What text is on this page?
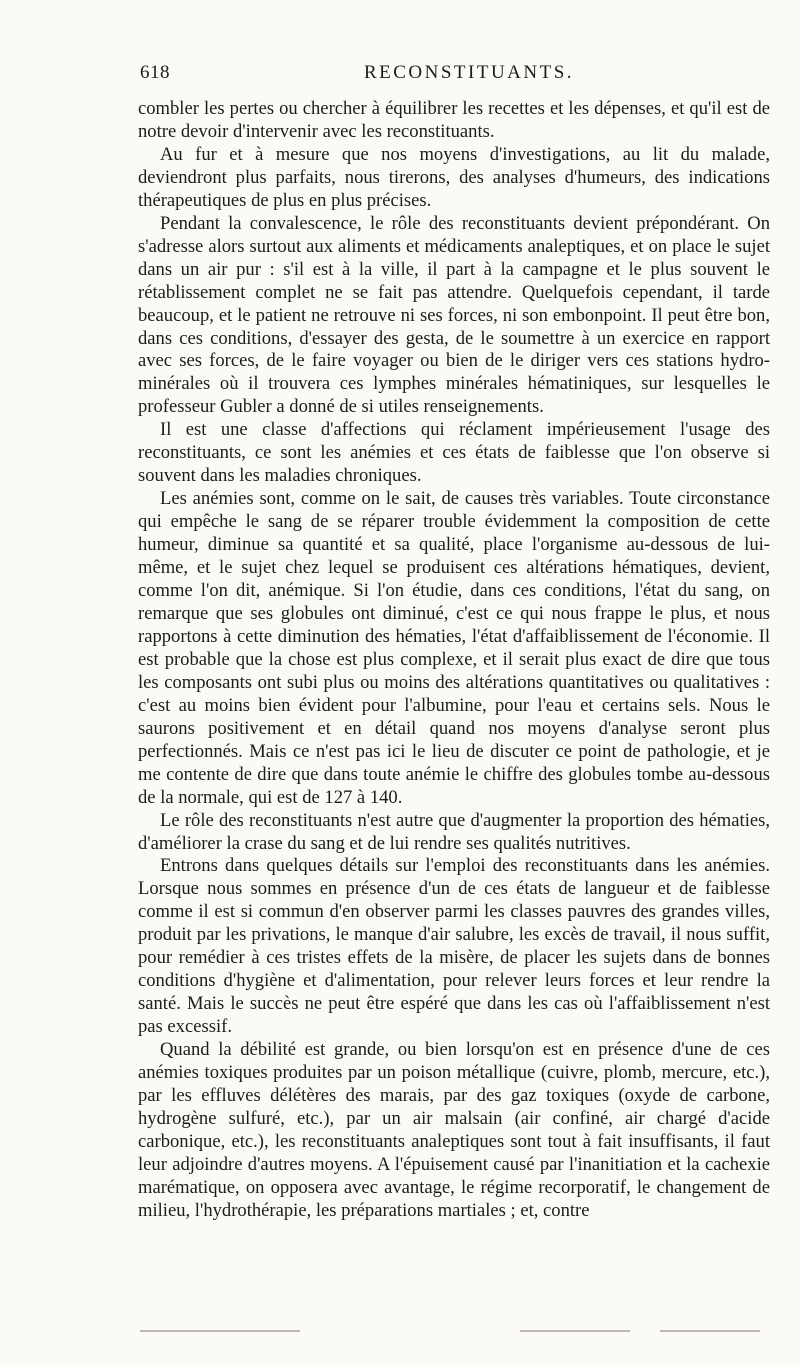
618	RECONSTITUANTS.

combler les pertes ou chercher à équilibrer les recettes et les dépenses, et qu'il est de notre devoir d'intervenir avec les reconstituants.

Au fur et à mesure que nos moyens d'investigations, au lit du malade, deviendront plus parfaits, nous tirerons, des analyses d'humeurs, des indications thérapeutiques de plus en plus précises.

Pendant la convalescence, le rôle des reconstituants devient prépondérant. On s'adresse alors surtout aux aliments et médicaments analeptiques, et on place le sujet dans un air pur : s'il est à la ville, il part à la campagne et le plus souvent le rétablissement complet ne se fait pas attendre. Quelquefois cependant, il tarde beaucoup, et le patient ne retrouve ni ses forces, ni son embonpoint. Il peut être bon, dans ces conditions, d'essayer des gesta, de le soumettre à un exercice en rapport avec ses forces, de le faire voyager ou bien de le diriger vers ces stations hydro-minérales où il trouvera ces lymphes minérales hématiniques, sur lesquelles le professeur Gubler a donné de si utiles renseignements.

Il est une classe d'affections qui réclament impérieusement l'usage des reconstituants, ce sont les anémies et ces états de faiblesse que l'on observe si souvent dans les maladies chroniques.

Les anémies sont, comme on le sait, de causes très variables. Toute circonstance qui empêche le sang de se réparer trouble évidemment la composition de cette humeur, diminue sa quantité et sa qualité, place l'organisme au-dessous de lui-même, et le sujet chez lequel se produisent ces altérations hématiques, devient, comme l'on dit, anémique. Si l'on étudie, dans ces conditions, l'état du sang, on remarque que ses globules ont diminué, c'est ce qui nous frappe le plus, et nous rapportons à cette diminution des hématies, l'état d'affaiblissement de l'économie. Il est probable que la chose est plus complexe, et il serait plus exact de dire que tous les composants ont subi plus ou moins des altérations quantitatives ou qualitatives : c'est au moins bien évident pour l'albumine, pour l'eau et certains sels. Nous le saurons positivement et en détail quand nos moyens d'analyse seront plus perfectionnés. Mais ce n'est pas ici le lieu de discuter ce point de pathologie, et je me contente de dire que dans toute anémie le chiffre des globules tombe au-dessous de la normale, qui est de 127 à 140.

Le rôle des reconstituants n'est autre que d'augmenter la proportion des hématies, d'améliorer la crase du sang et de lui rendre ses qualités nutritives.

Entrons dans quelques détails sur l'emploi des reconstituants dans les anémies. Lorsque nous sommes en présence d'un de ces états de langueur et de faiblesse comme il est si commun d'en observer parmi les classes pauvres des grandes villes, produit par les privations, le manque d'air salubre, les excès de travail, il nous suffit, pour remédier à ces tristes effets de la misère, de placer les sujets dans de bonnes conditions d'hygiène et d'alimentation, pour relever leurs forces et leur rendre la santé. Mais le succès ne peut être espéré que dans les cas où l'affaiblissement n'est pas excessif.

Quand la débilité est grande, ou bien lorsqu'on est en présence d'une de ces anémies toxiques produites par un poison métallique (cuivre, plomb, mercure, etc.), par les effluves délétères des marais, par des gaz toxiques (oxyde de carbone, hydrogène sulfuré, etc.), par un air malsain (air confiné, air chargé d'acide carbonique, etc.), les reconstituants analeptiques sont tout à fait insuffisants, il faut leur adjoindre d'autres moyens. A l'épuisement causé par l'inanitiation et la cachexie marématique, on opposera avec avantage, le régime recorporatif, le changement de milieu, l'hydrothérapie, les préparations martiales ; et, contre
